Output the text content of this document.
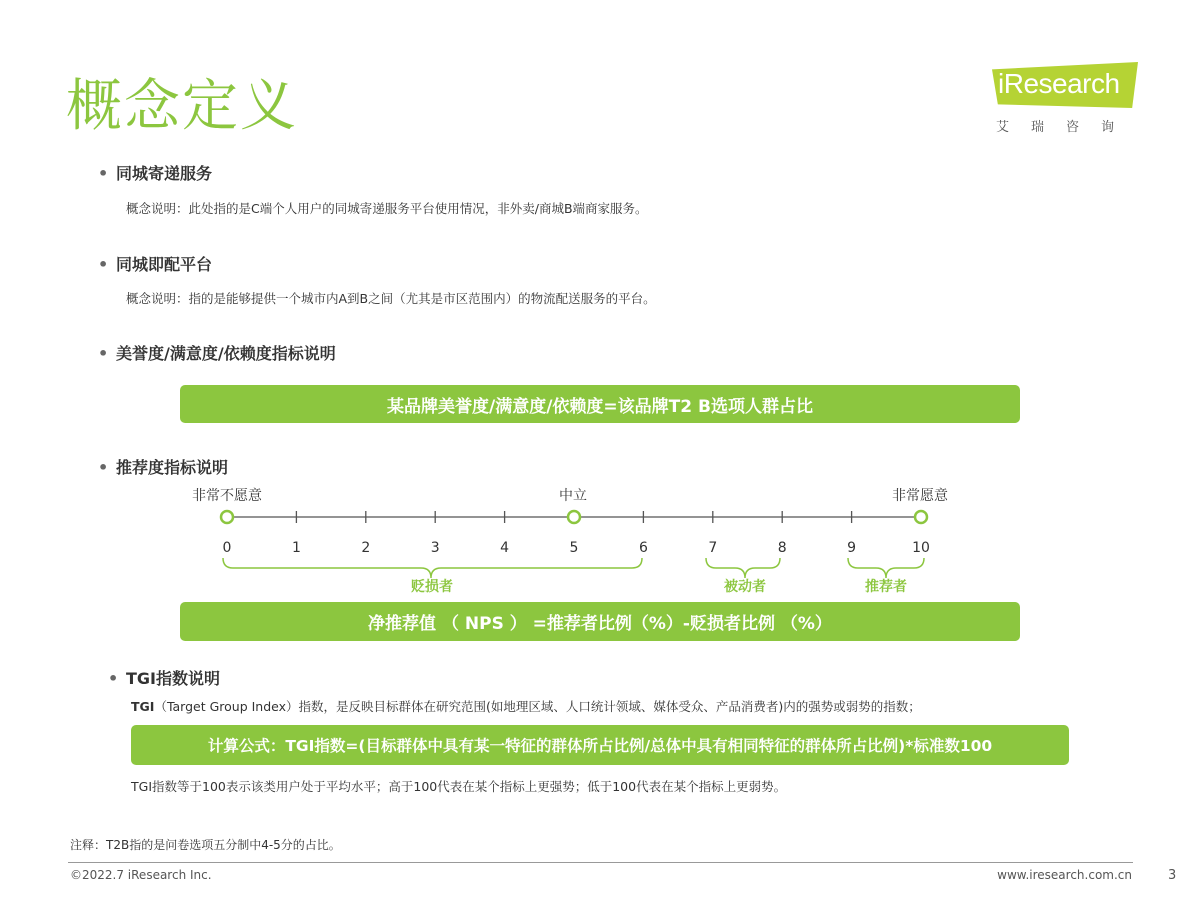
概念定义	iResearch
艾瑞咨询
• 同城寄递服务
概念说明：此处指的是C端个人用户的同城寄递服务平台使用情况，非外卖/商城B端商家服务。
• 同城即配平台
概念说明：指的是能够提供一个城市内A到B之间（尤其是市区范围内）的物流配送服务的平台。
• 美誉度/满意度/依赖度指标说明
某品牌美誉度/满意度/依赖度=该品牌T2 B选项人群占比
• 推荐度指标说明
0	1	2	3	4	5	6	7	8	9	10
非常不愿意	中立	非常愿意
贬损者	被动者	推荐者
净推荐值 （ NPS ） =推荐者比例（%）-贬损者比例 （%）
• TGI指数说明
TGI（Target Group Index）指数，是反映目标群体在研究范围(如地理区域、人口统计领域、媒体受众、产品消费者)内的强势或弱势的指数；
计算公式：TGI指数=(目标群体中具有某一特征的群体所占比例/总体中具有相同特征的群体所占比例)*标准数100
TGI指数等于100表示该类用户处于平均水平；高于100代表在某个指标上更强势；低于100代表在某个指标上更弱势。
注释：T2B指的是问卷选项五分制中4-5分的占比。
©2022.7 iResearch Inc.	www.iresearch.com.cn	3
